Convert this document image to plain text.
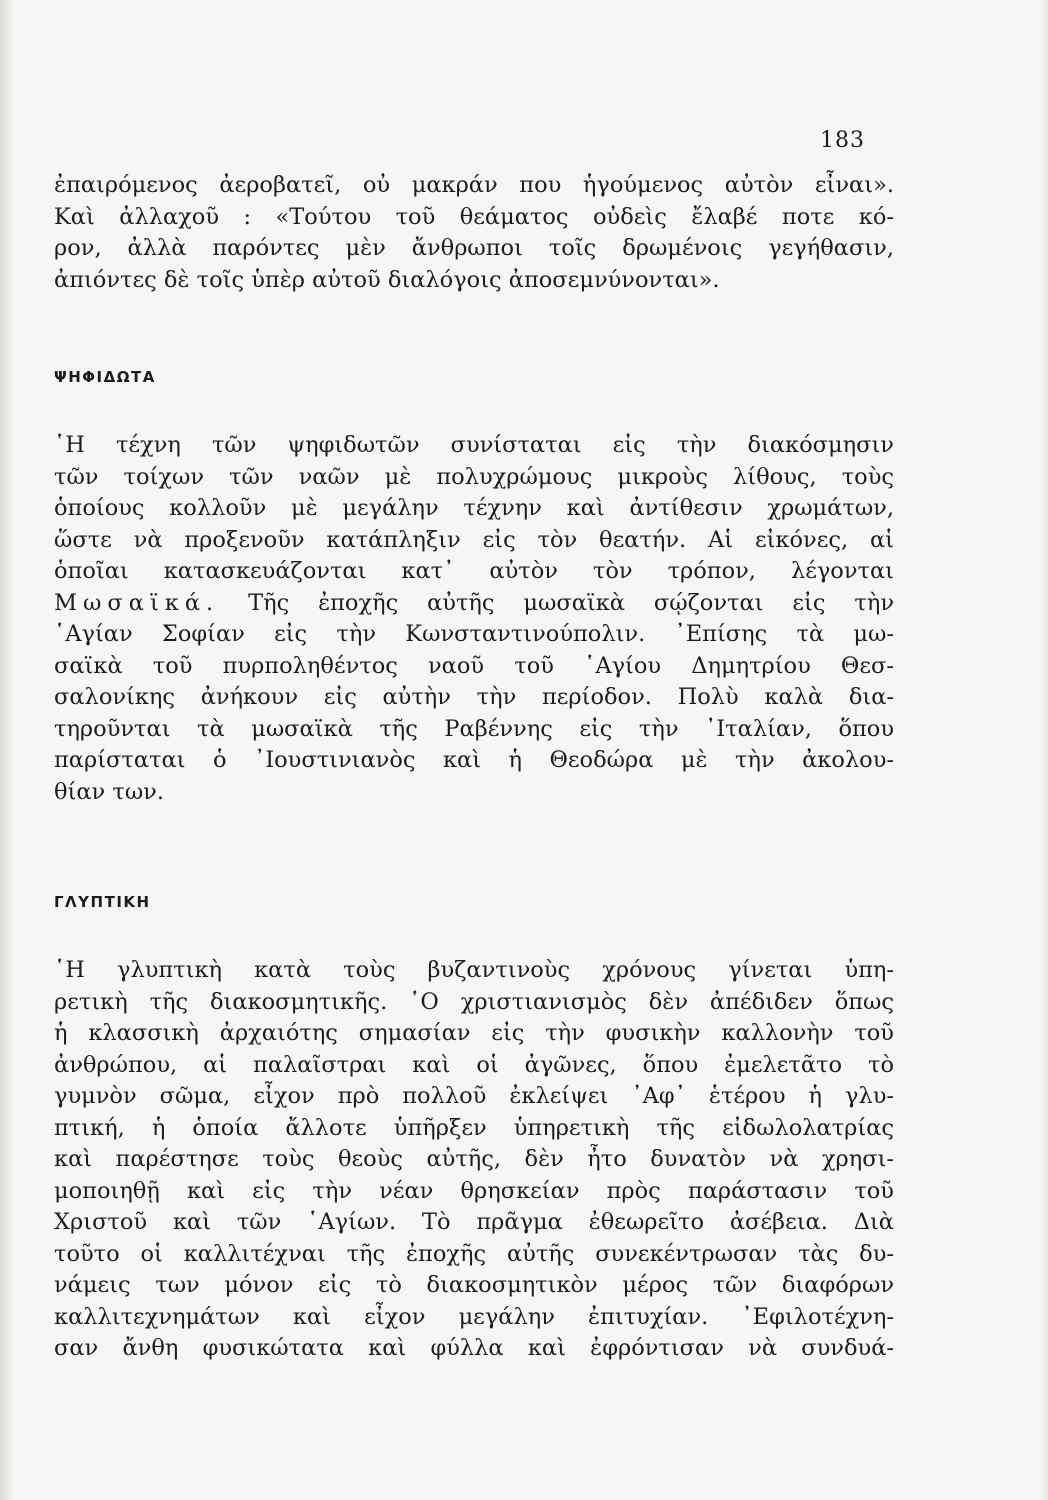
183
ἐπαιρόμενος ἀεροβατεῖ, οὐ μακράν που ἡγούμενος αὐτὸν εἶναι».
Καὶ ἀλλαχοῦ : «Τούτου τοῦ θεάματος οὐδεὶς ἔλαβέ ποτε κό-
ρον, ἀλλὰ παρόντες μὲν ἄνθρωποι τοῖς δρωμένοις γεγήθασιν,
ἀπιόντες δὲ τοῖς ὑπὲρ αὐτοῦ διαλόγοις ἀποσεμνύνονται».
ΨΗΦΙΔΩΤΑ
῾Η τέχνη τῶν ψηφιδωτῶν συνίσταται εἰς τὴν διακόσμησιν
τῶν τοίχων τῶν ναῶν μὲ πολυχρώμους μικροὺς λίθους, τοὺς
ὁποίους κολλοῦν μὲ μεγάλην τέχνην καὶ ἀντίθεσιν χρωμάτων,
ὥστε νὰ προξενοῦν κατάπληξιν εἰς τὸν θεατήν. Αἱ εἰκόνες, αἱ
ὁποῖαι κατασκευάζονται κατ᾿ αὐτὸν τὸν τρόπον, λέγονται
Μωσαϊκά. Τῆς ἐποχῆς αὐτῆς μωσαϊκὰ σῴζονται εἰς τὴν
῾Αγίαν Σοφίαν εἰς τὴν Κωνσταντινούπολιν. ᾿Επίσης τὰ μω-
σαϊκὰ τοῦ πυρποληθέντος ναοῦ τοῦ ῾Αγίου Δημητρίου Θεσ-
σαλονίκης ἀνήκουν εἰς αὐτὴν τὴν περίοδον. Πολὺ καλὰ δια-
τηροῦνται τὰ μωσαϊκὰ τῆς Ραβέννης εἰς τὴν ᾿Ιταλίαν, ὅπου
παρίσταται ὁ ᾿Ιουστινιανὸς καὶ ἡ Θεοδώρα μὲ τὴν ἀκολου-
θίαν των.
ΓΛΥΠΤΙΚΗ
῾Η γλυπτικὴ κατὰ τοὺς βυζαντινοὺς χρόνους γίνεται ὑπη-
ρετικὴ τῆς διακοσμητικῆς. ῾Ο χριστιανισμὸς δὲν ἀπέδιδεν ὅπως
ἡ κλασσικὴ ἀρχαιότης σημασίαν εἰς τὴν φυσικὴν καλλονὴν τοῦ
ἀνθρώπου, αἱ παλαῖστραι καὶ οἱ ἀγῶνες, ὅπου ἐμελετᾶτο τὸ
γυμνὸν σῶμα, εἶχον πρὸ πολλοῦ ἐκλείψει ᾿Αφ᾿ ἑτέρου ἡ γλυ-
πτική, ἡ ὁποία ἄλλοτε ὑπῆρξεν ὑπηρετικὴ τῆς εἰδωλολατρίας
καὶ παρέστησε τοὺς θεοὺς αὐτῆς, δὲν ἦτο δυνατὸν νὰ χρησι-
μοποιηθῇ καὶ εἰς τὴν νέαν θρησκείαν πρὸς παράστασιν τοῦ
Χριστοῦ καὶ τῶν ῾Αγίων. Τὸ πρᾶγμα ἐθεωρεῖτο ἀσέβεια. Διὰ
τοῦτο οἱ καλλιτέχναι τῆς ἐποχῆς αὐτῆς συνεκέντρωσαν τὰς δυ-
νάμεις των μόνον εἰς τὸ διακοσμητικὸν μέρος τῶν διαφόρων
καλλιτεχνημάτων καὶ εἶχον μεγάλην ἐπιτυχίαν. ᾿Εφιλοτέχνη-
σαν ἄνθη φυσικώτατα καὶ φύλλα καὶ ἐφρόντισαν νὰ συνδυά-
